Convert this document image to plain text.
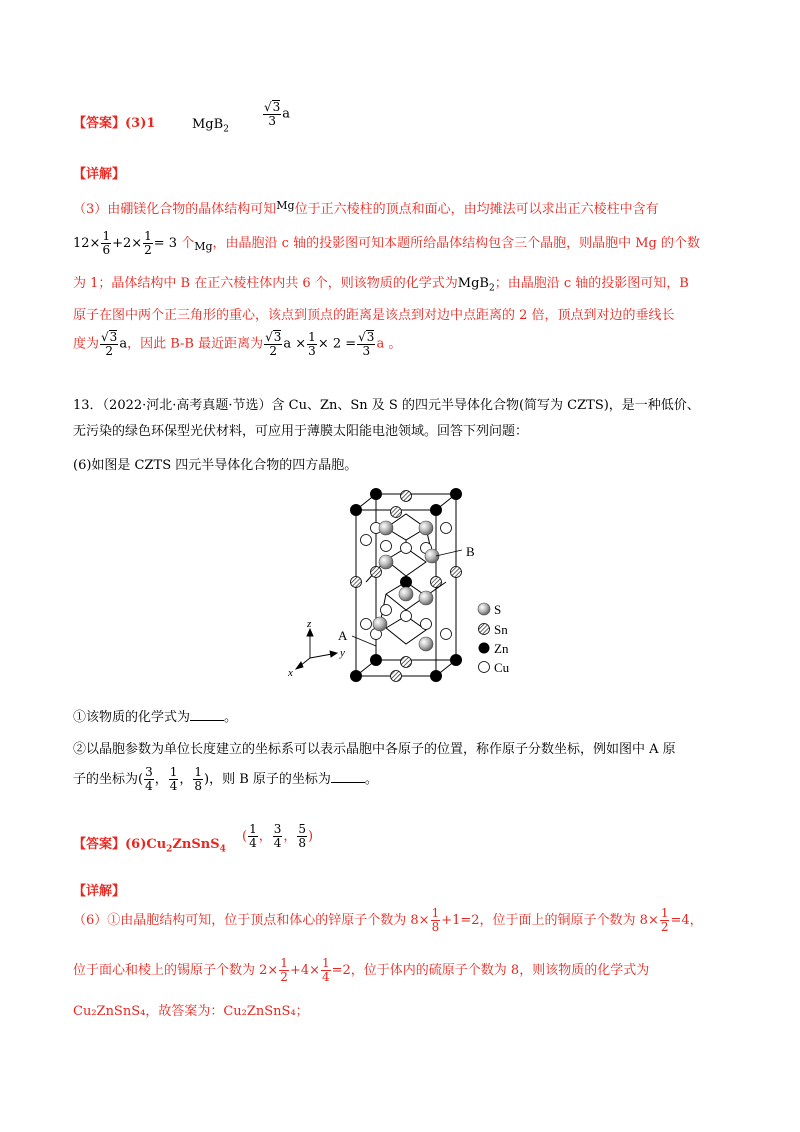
【答案】(3)1	MgB$_2$
$\frac{√3}{3}$ a
【详解】
（3）由硼镁化合物的晶体结构可知$^{Mg}$位于正六棱柱的顶点和面心，由均摊法可以求出正六棱柱中含有
$12\times \frac{1}{6} +2\times \frac{1}{2} = 3$ 个$_{Mg}$，由晶胞沿 c 轴的投影图可知本题所给晶体结构包含三个晶胞，则晶胞中 Mg 的个数
为 1；晶体结构中 B 在正六棱柱体内共 6 个，则该物质的化学式为MgB$_2$；由晶胞沿 c 轴的投影图可知，B
原子在图中两个正三角形的重心，该点到顶点的距离是该点到对边中点距离的 2 倍，顶点到对边的垂线长
度为 $\frac{√3}{2}$ a，因此 B-B 最近距离为 $\frac{√3}{2}$ $a \times \frac{1}{3} \times 2 = \frac{√3}{3}$ a 。
13．（2022·河北·高考真题·节选）含 Cu、Zn、Sn 及 S 的四元半导体化合物(简写为 CZTS)，是一种低价、
无污染的绿色环保型光伏材料，可应用于薄膜太阳能电池领域。回答下列问题：
(6)如图是 CZTS 四元半导体化合物的四方晶胞。
B
A
z
y
x
S
Sn
Zn
Cu
①该物质的化学式为	。
②以晶胞参数为单位长度建立的坐标系可以表示晶胞中各原子的位置，称作原子分数坐标，例如图中 A 原
子的坐标为( $\frac{3}{4}$ ， $\frac{1}{4}$ ， $\frac{1}{8}$ )，则 B 原子的坐标为	。
【答案】$(6)Cu_2ZnSnS_4$
( $\frac{1}{4}$ ， $\frac{3}{4}$ ， $\frac{5}{8}$ )
【详解】
（6）①由晶胞结构可知，位于顶点和体心的锌原子个数为 $8\times \frac{1}{8} +1=2$，位于面上的铜原子个数为 $8\times \frac{1}{2} =4$，
位于面心和棱上的锡原子个数为 $2\times \frac{1}{2} +4\times \frac{1}{4} =2$，位于体内的硫原子个数为 8，则该物质的化学式为
Cu₂ZnSnS₄，故答案为：Cu₂ZnSnS₄；
